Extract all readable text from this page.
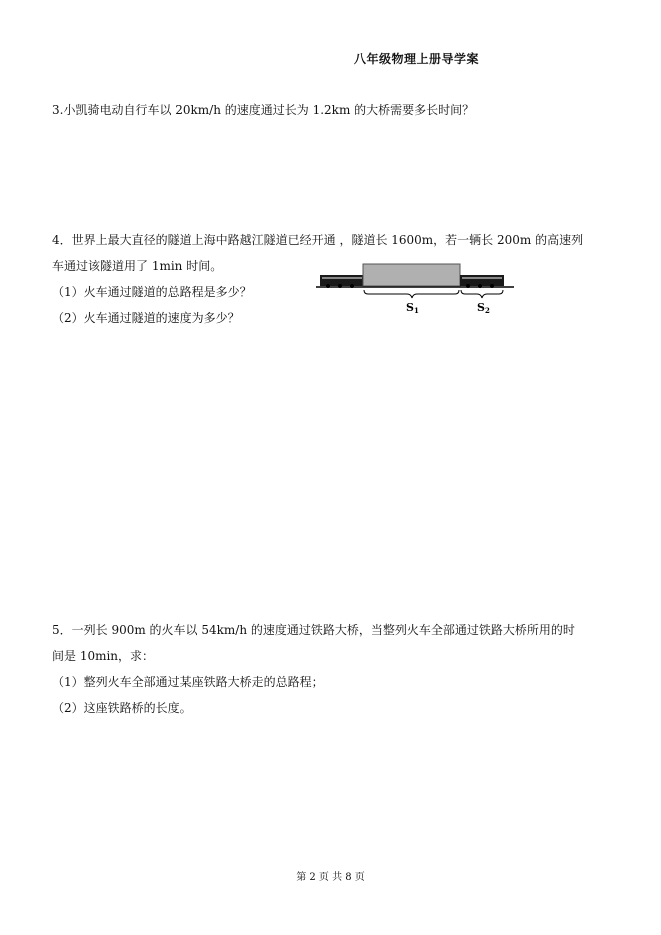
八年级物理上册导学案
3.小凯骑电动自行车以 20km/h 的速度通过长为 1.2km 的大桥需要多长时间？
4．世界上最大直径的隧道上海中路越江隧道已经开通 ，隧道长 1600m，若一辆长 200m 的高速列
车通过该隧道用了 1min 时间。
（1）火车通过隧道的总路程是多少？
（2）火车通过隧道的速度为多少？
S1	S2
5．一列长 900m 的火车以 54km/h 的速度通过铁路大桥，当整列火车全部通过铁路大桥所用的时
间是 10min，求：
（1）整列火车全部通过某座铁路大桥走的总路程；
（2）这座铁路桥的长度。
第 2 页 共 8 页
